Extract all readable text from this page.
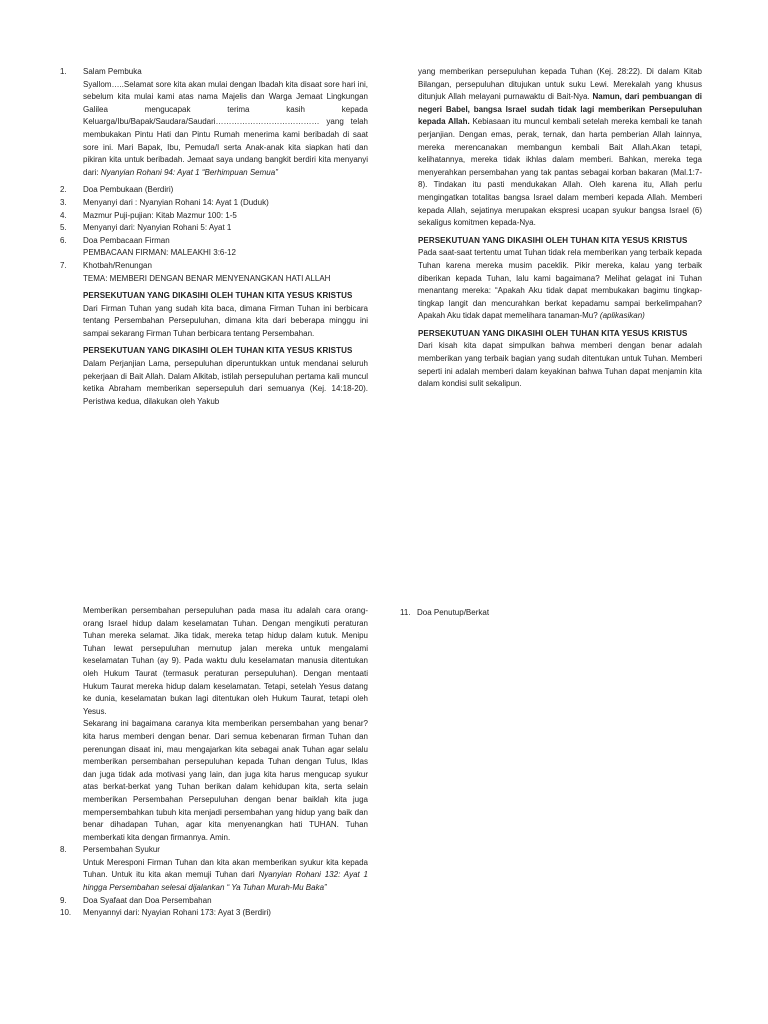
1.	Salam Pembuka

Syallom…..Selamat sore kita akan mulai dengan Ibadah kita disaat sore hari ini, sebelum kita mulai kami atas nama Majelis dan Warga Jemaat Lingkungan Galilea mengucapak terima kasih kepada Keluarga/Ibu/Bapak/Saudara/Saudari………………………………… yang telah membukakan Pintu Hati dan Pintu Rumah menerima kami beribadah di saat sore ini. Mari Bapak, Ibu, Pemuda/I serta Anak-anak kita siapkan hati dan pikiran kita untuk beribadah. Jemaat saya undang bangkit berdiri kita menyanyi dari: Nyanyian Rohani 94: Ayat 1 “Berhimpuan Semua”

2.	Doa Pembukaan (Berdiri)
3.	Menyanyi dari : Nyanyian Rohani 14: Ayat 1 (Duduk)
4.	Mazmur Puji-pujian: Kitab Mazmur 100: 1-5
5.	Menyanyi dari: Nyanyian Rohani 5: Ayat 1
6.	Doa Pembacaan Firman

PEMBACAAN FIRMAN: MALEAKHI 3:6-12

7.	Khotbah/Renungan

TEMA: MEMBERI DENGAN BENAR MENYENANGKAN HATI ALLAH

PERSEKUTUAN YANG DIKASIHI OLEH TUHAN KITA YESUS KRISTUS

Dari Firman Tuhan yang sudah kita baca, dimana Firman Tuhan ini berbicara tentang Persembahan Persepuluhan, dimana kita dari beberapa minggu ini sampai sekarang Firman Tuhan berbicara tentang Persembahan.

PERSEKUTUAN YANG DIKASIHI OLEH TUHAN KITA YESUS KRISTUS

Dalam Perjanjian Lama, persepuluhan diperuntukkan untuk mendanai seluruh pekerjaan di Bait Allah. Dalam Alkitab, istilah persepuluhan pertama kali muncul ketika Abraham memberikan sepersepuluh dari semuanya (Kej. 14:18-20). Peristiwa kedua, dilakukan oleh Yakub

yang memberikan persepuluhan kepada Tuhan (Kej. 28:22). Di dalam Kitab Bilangan, persepuluhan ditujukan untuk suku Lewi. Merekalah yang khusus ditunjuk Allah melayani purnawaktu di Bait-Nya. Namun, dari pembuangan di negeri Babel, bangsa Israel sudah tidak lagi memberikan Persepuluhan kepada Allah. Kebiasaan itu muncul kembali setelah mereka kembali ke tanah perjanjian. Dengan emas, perak, ternak, dan harta pemberian Allah lainnya, mereka merencanakan membangun kembali Bait Allah.Akan tetapi, kelihatannya, mereka tidak ikhlas dalam memberi. Bahkan, mereka tega menyerahkan persembahan yang tak pantas sebagai korban bakaran (Mal.1:7-8). Tindakan itu pasti mendukakan Allah. Oleh karena itu, Allah perlu mengingatkan totalitas bangsa Israel dalam memberi kepada Allah. Memberi kepada Allah, sejatinya merupakan ekspresi ucapan syukur bangsa Israel (6) sekaligus komitmen kepada-Nya.

PERSEKUTUAN YANG DIKASIHI OLEH TUHAN KITA YESUS KRISTUS

Pada saat-saat tertentu umat Tuhan tidak rela memberikan yang terbaik kepada Tuhan karena mereka musim paceklik. Pikir mereka, kalau yang terbaik diberikan kepada Tuhan, lalu kami bagaimana? Melihat gelagat ini Tuhan menantang mereka: “Apakah Aku tidak dapat membukakan bagimu tingkap-tingkap langit dan mencurahkan berkat kepadamu sampai berkelimpahan? Apakah Aku tidak dapat memelihara tanaman-Mu? (aplikasikan)

PERSEKUTUAN YANG DIKASIHI OLEH TUHAN KITA YESUS KRISTUS

Dari kisah kita dapat simpulkan bahwa memberi dengan benar adalah memberikan yang terbaik bagian yang sudah ditentukan untuk Tuhan. Memberi seperti ini adalah memberi dalam keyakinan bahwa Tuhan dapat menjamin kita dalam kondisi sulit sekalipun.

Memberikan persembahan persepuluhan pada masa itu adalah cara orang-orang Israel hidup dalam keselamatan Tuhan. Dengan mengikuti peraturan Tuhan mereka selamat. Jika tidak, mereka tetap hidup dalam kutuk. Menipu Tuhan lewat persepuluhan mernutup jalan mereka untuk mengalami keselamatan Tuhan (ay 9). Pada waktu dulu keselamatan manusia ditentukan oleh Hukum Taurat (termasuk peraturan persepuluhan). Dengan mentaati Hukum Taurat mereka hidup dalam keselamatan. Tetapi, setelah Yesus datang ke dunia, keselamatan bukan lagi ditentukan oleh Hukum Taurat, tetapi oleh Yesus.

Sekarang ini bagaimana caranya kita memberikan persembahan yang benar? kita harus memberi dengan benar. Dari semua kebenaran firman Tuhan dan perenungan disaat ini, mau mengajarkan kita sebagai anak Tuhan agar selalu memberikan persembahan persepuluhan kepada Tuhan dengan Tulus, Iklas dan juga tidak ada motivasi yang lain, dan juga kita harus mengucap syukur atas berkat-berkat yang Tuhan berikan dalam kehidupan kita, serta selain memberikan Persembahan Persepuluhan dengan benar baiklah kita juga mempersembahkan tubuh kita menjadi persembahan yang hidup yang baik dan benar dihadapan Tuhan, agar kita menyenangkan hati TUHAN. Tuhan memberkati kita dengan firmannya. Amin.

8.	Persembahan Syukur

Untuk Meresponi Firman Tuhan dan kita akan memberikan syukur kita kepada Tuhan. Untuk itu kita akan memuji Tuhan dari Nyanyian Rohani 132: Ayat 1 hingga Persembahan selesai dijalankan “ Ya Tuhan Murah-Mu Baka”

9.	Doa Syafaat dan Doa Persembahan
10.	Menyannyi dari: Nyayian Rohani 173: Ayat 3 (Berdiri)
11. Doa Penutup/Berkat
